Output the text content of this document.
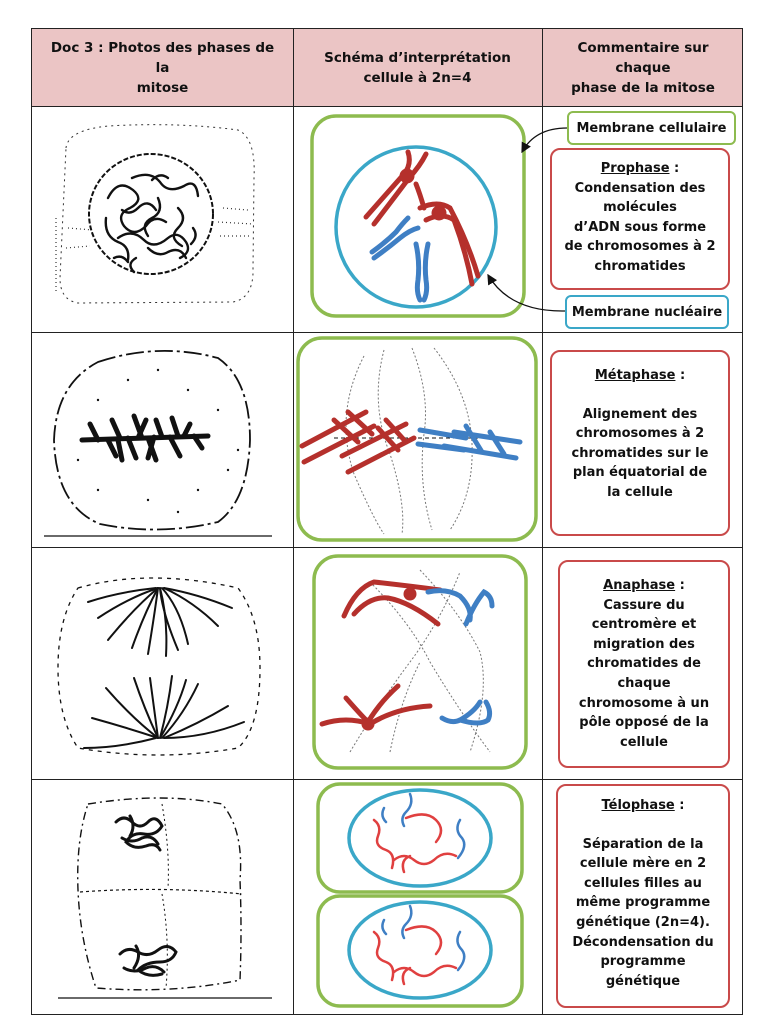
Doc 3 : Photos des phases de la
mitose
Schéma d’interprétation
cellule à 2n=4
Commentaire sur chaque
phase de la mitose
Membrane cellulaire
Membrane nucléaire
Prophase :
Condensation des
molécules
d’ADN sous forme
de chromosomes à 2
chromatides
Métaphase :
Alignement des
chromosomes à 2
chromatides sur le
plan équatorial de
la cellule
Anaphase :
Cassure du
centromère et
migration des
chromatides de
chaque
chromosome à un
pôle opposé de la
cellule
Télophase :
Séparation de la
cellule mère en 2
cellules filles au
même programme
génétique (2n=4).
Décondensation du
programme
génétique
